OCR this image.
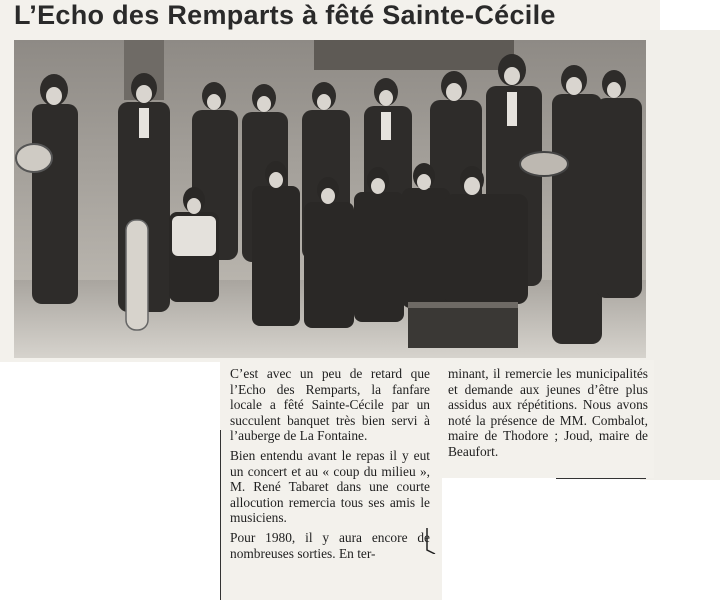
L’Echo des Remparts à fêté Sainte-Cécile

C’est avec un peu de retard que l’Echo des Remparts, la fanfare locale a fêté Sainte-Cécile par un succulent banquet très bien servi à l’auberge de La Fontaine.

Bien entendu avant le repas il y eut un concert et au « coup du milieu », M. René Tabaret dans une courte allocution remercia tous ses amis le musiciens.

Pour 1980, il y aura encore de nombreuses sorties. En ter-

minant, il remercie les municipalités et demande aux jeunes d’être plus assidus aux répétitions. Nous avons noté la présence de MM. Combalot, maire de Thodore ; Joud, maire de Beaufort.
